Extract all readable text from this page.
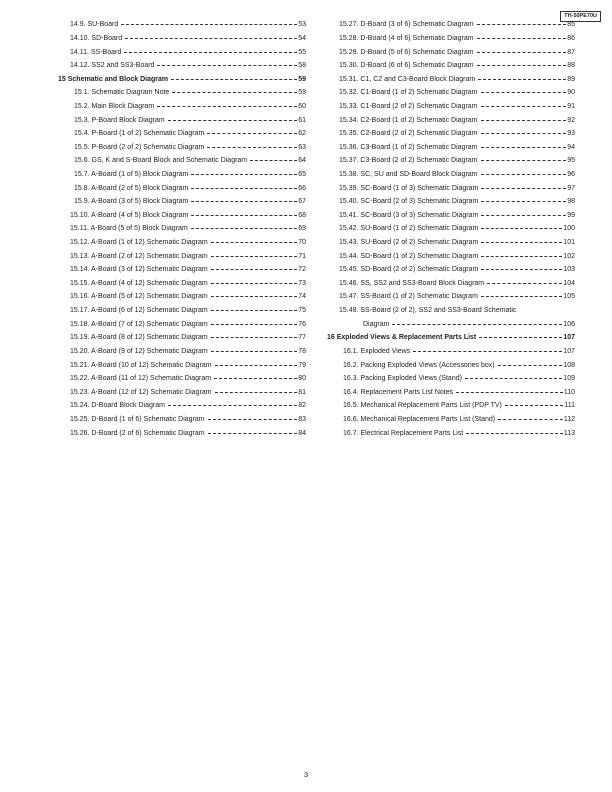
TH-50PE70U
14.9. SU-Board	53
14.10. SD-Board	54
14.11. SS-Board	55
14.12. SS2 and SS3-Board	58
15 Schematic and Block Diagram	59
15.1. Schematic Diagram Note	59
15.2. Main Block Diagram	60
15.3. P-Board Block Diagram	61
15.4. P-Board (1 of 2) Schematic Diagram	62
15.5. P-Board (2 of 2) Schematic Diagram	63
15.6. GS, K and S-Board Block and Schematic Diagram	64
15.7. A-Board (1 of 5) Block Diagram	65
15.8. A-Board (2 of 5) Block Diagram	66
15.9. A-Board (3 of 5) Block Diagram	67
15.10. A-Board (4 of 5) Block Diagram	68
15.11. A-Board (5 of 5) Block Diagram	69
15.12. A-Board (1 of 12) Schematic Diagram	70
15.13. A-Board (2 of 12) Schematic Diagram	71
15.14. A-Board (3 of 12) Schematic Diagram	72
15.15. A-Board (4 of 12) Schematic Diagram	73
15.16. A-Board (5 of 12) Schematic Diagram	74
15.17. A-Board (6 of 12) Schematic Diagram	75
15.18. A-Board (7 of 12) Schematic Diagram	76
15.19. A-Board (8 of 12) Schematic Diagram	77
15.20. A-Board (9 of 12) Schematic Diagram	78
15.21. A-Board (10 of 12) Schematic Diagram	79
15.22. A-Board (11 of 12) Schematic Diagram	80
15.23. A-Board (12 of 12) Schematic Diagram	81
15.24. D-Board Block Diagram	82
15.25. D-Board (1 of 6) Schematic Diagram	83
15.26. D-Board (2 of 6) Schematic Diagram	84
15.27. D-Board (3 of 6) Schematic Diagram	85
15.28. D-Board (4 of 6) Schematic Diagram	86
15.29. D-Board (5 of 6) Schematic Diagram	87
15.30. D-Board (6 of 6) Schematic Diagram	88
15.31. C1, C2 and C3-Board Block Diagram	89
15.32. C1-Board (1 of 2) Schematic Diagram	90
15.33. C1-Board (2 of 2) Schematic Diagram	91
15.34. C2-Board (1 of 2) Schematic Diagram	92
15.35. C2-Board (2 of 2) Schematic Diagram	93
15.36. C3-Board (1 of 2) Schematic Diagram	94
15.37. C3-Board (2 of 2) Schematic Diagram	95
15.38. SC, SU and SD-Board Block Diagram	96
15.39. SC-Board (1 of 3) Schematic Diagram	97
15.40. SC-Board (2 of 3) Schematic Diagram	98
15.41. SC-Board (3 of 3) Schematic Diagram	99
15.42. SU-Board (1 of 2) Schematic Diagram	100
15.43. SU-Board (2 of 2) Schematic Diagram	101
15.44. SD-Board (1 of 2) Schematic Diagram	102
15.45. SD-Board (2 of 2) Schematic Diagram	103
15.46. SS, SS2 and SS3-Board Block Diagram	104
15.47. SS-Board (1 of 2) Schematic Diagram	105
15.48. SS-Board (2 of 2), SS2 and SS3-Board Schematic
Diagram	106
16 Exploded Views & Replacement Parts List	107
16.1. Exploded Views	107
16.2. Packing Exploded Views (Accessories box)	108
16.3. Packing Exploded Views (Stand)	109
16.4. Replacement Parts List Notes	110
16.5. Mechanical Replacement Parts List (PDP TV)	111
16.6. Mechanical Replacement Parts List (Stand)	112
16.7. Electrical Replacement Parts List	113
3
